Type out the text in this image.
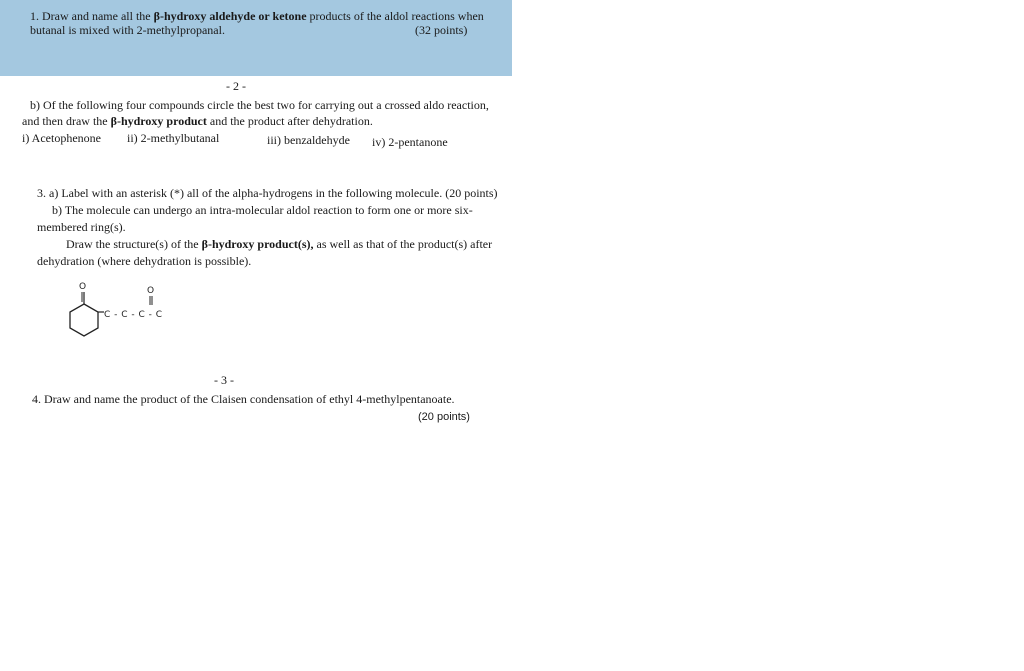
1. Draw and name all the β-hydroxy aldehyde or ketone products of the aldol reactions when
butanal is mixed with 2-methylpropanal.	(32 points)
- 2 -
b) Of the following four compounds circle the best two for carrying out a crossed aldo reaction,
and then draw the β-hydroxy product and the product after dehydration.
i) Acetophenone ii) 2-methylbutanal	iii) benzaldehyde iv) 2-pentanone
3. a) Label with an asterisk (*) all of the alpha-hydrogens in the following molecule. (20 points)
b) The molecule can undergo an intra-molecular aldol reaction to form one or more six-
membered ring(s).
Draw the structure(s) of the β-hydroxy product(s), as well as that of the product(s) after
dehydration (where dehydration is possible).
O
C - C - C - C
O
- 3 -
4. Draw and name the product of the Claisen condensation of ethyl 4-methylpentanoate.
(20 points)
